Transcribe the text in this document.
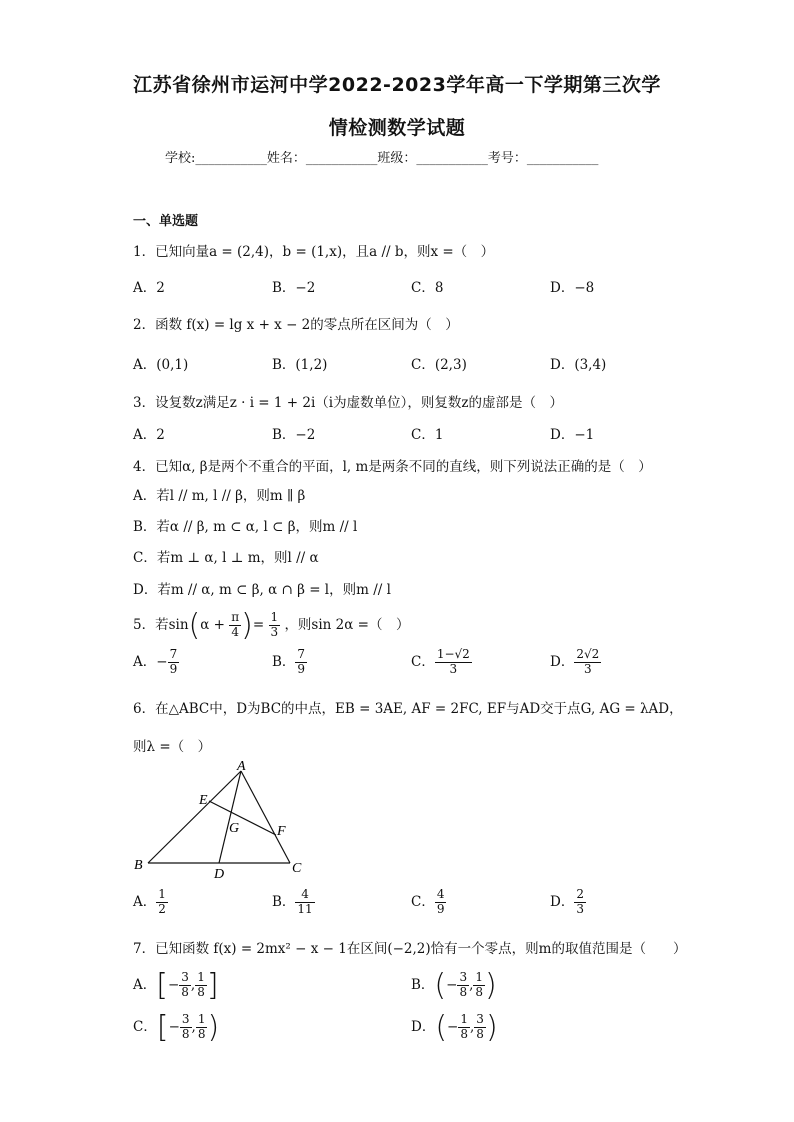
江苏省徐州市运河中学2022-2023学年高一下学期第三次学
情检测数学试题
学校:___________姓名：___________班级：___________考号：___________
一、单选题
1．已知向量a = (2,4)，b = (1,x)，且a // b，则x =（　）
A．2	B．−2	C．8	D．−8
2．函数 f(x) = lg x + x − 2的零点所在区间为（　）
A．(0,1)	B．(1,2)	C．(2,3)	D．(3,4)
3．设复数z满足z · i = 1 + 2i（i为虚数单位），则复数z的虚部是（　）
A．2	B．−2	C．1	D．−1
4．已知α, β是两个不重合的平面，l, m是两条不同的直线，则下列说法正确的是（　）
A．若l // m, l // β，则m ∥ β
B．若α // β, m ⊂ α, l ⊂ β，则m // l
C．若m ⊥ α, l ⊥ m，则l // α
D．若m // α, m ⊂ β, α ∩ β = l，则m // l
5．若$\sin(\alpha + \frac{\pi}{4}$ )= $\frac{1}{3}$ ，则sin 2α =（　）
A．− $\frac{7}{9}$	B． $\frac{7}{9}$	C． $\frac{1-√2}{3}$	D． $\frac{2√2}{3}$
6．在△ABC中，D为BC的中点，EB = 3AE, AF = 2FC, EF与AD交于点G, AG = λAD，
则λ =（　）
A
B	C
D
E
F
G
A． $\frac{1}{2}$	B． $\frac{4}{11}$	C． $\frac{4}{9}$	D． $\frac{2}{3}$
7．已知函数 f(x) = 2mx² − x − 1在区间(−2,2)恰有一个零点，则m的取值范围是（　　）
A．[− $\frac{3}{8}$ , $\frac{1}{8}$ ]	B．(− $\frac{3}{8}$ , $\frac{1}{8}$ )
C．[− $\frac{3}{8}$ , $\frac{1}{8}$ )	D．(− $\frac{1}{8}$ , $\frac{3}{8}$ )
